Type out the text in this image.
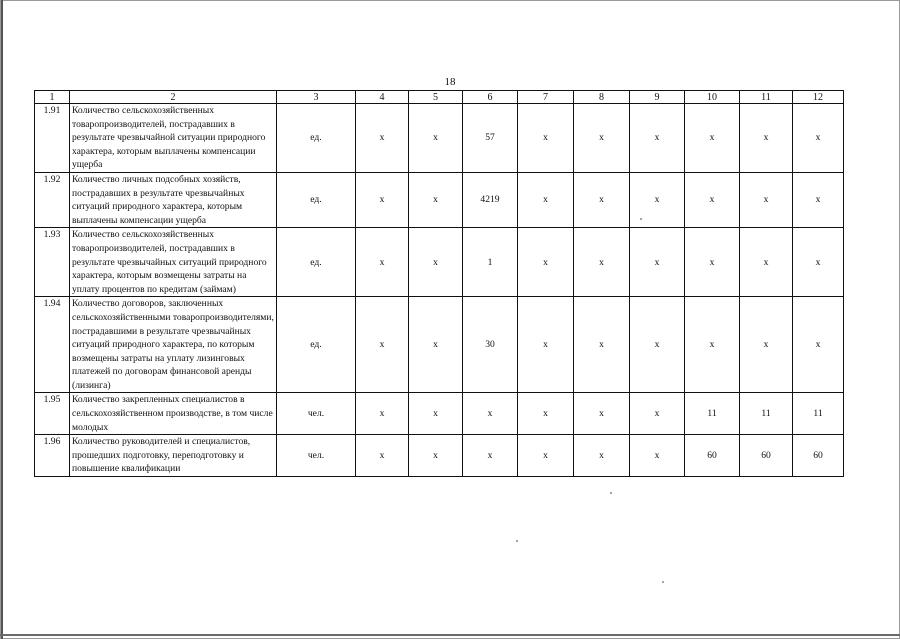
18
1	2	3	4	5	6	7	8	9	10	11	12
1.91	Количество сельскохозяйственных товаропроизводителей, пострадавших в результате чрезвычайной ситуации природного характера, которым выплачены компенсации ущерба	ед.	х	х	57	х	х	х	х	х	х
1.92	Количество личных подсобных хозяйств, пострадавших в результате чрезвычайных ситуаций природного характера, которым выплачены компенсации ущерба	ед.	х	х	4219	х	х	х	х	х	х
1.93	Количество сельскохозяйственных товаропроизводителей, пострадавших в результате чрезвычайных ситуаций природного характера, которым возмещены затраты на уплату процентов по кредитам (займам)	ед.	х	х	1	х	х	х	х	х	х
1.94	Количество договоров, заключенных сельскохозяйственными товаропроизводителями, пострадавшими в результате чрезвычайных ситуаций природного характера, по которым возмещены затраты на уплату лизинговых платежей по договорам финансовой аренды (лизинга)	ед.	х	х	30	х	х	х	х	х	х
1.95	Количество закрепленных специалистов в сельскохозяйственном производстве, в том числе молодых	чел.	х	х	х	х	х	х	11	11	11
1.96	Количество руководителей и специалистов, прошедших подготовку, переподготовку и повышение квалификации	чел.	х	х	х	х	х	х	60	60	60
